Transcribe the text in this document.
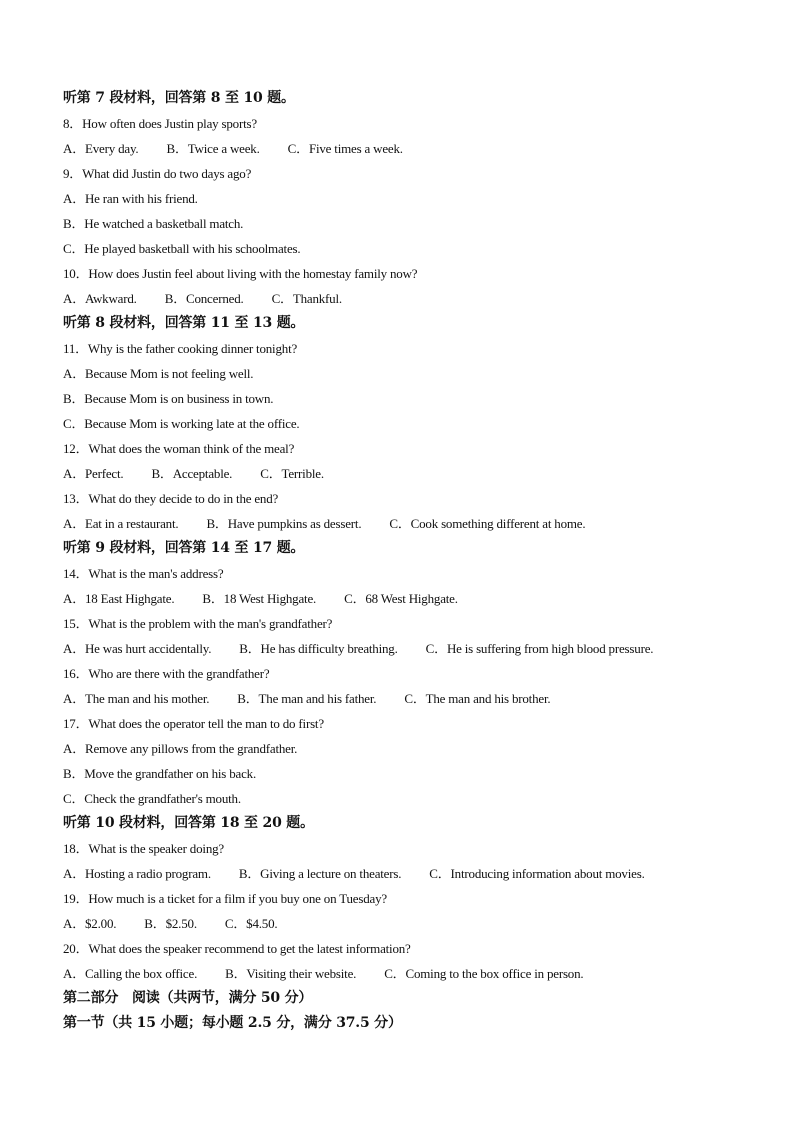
听第 7 段材料，回答第 8 至 10 题。
8．How often does Justin play sports?
A．Every day. B．Twice a week. C．Five times a week.
9．What did Justin do two days ago?
A．He ran with his friend.
B．He watched a basketball match.
C．He played basketball with his schoolmates.
10．How does Justin feel about living with the homestay family now?
A．Awkward. B．Concerned. C．Thankful.
听第 8 段材料，回答第 11 至 13 题。
11．Why is the father cooking dinner tonight?
A．Because Mom is not feeling well.
B．Because Mom is on business in town.
C．Because Mom is working late at the office.
12．What does the woman think of the meal?
A．Perfect. B．Acceptable. C．Terrible.
13．What do they decide to do in the end?
A．Eat in a restaurant. B．Have pumpkins as dessert. C．Cook something different at home.
听第 9 段材料，回答第 14 至 17 题。
14．What is the man's address?
A．18 East Highgate. B．18 West Highgate. C．68 West Highgate.
15．What is the problem with the man's grandfather?
A．He was hurt accidentally. B．He has difficulty breathing. C．He is suffering from high blood pressure.
16．Who are there with the grandfather?
A．The man and his mother. B．The man and his father. C．The man and his brother.
17．What does the operator tell the man to do first?
A．Remove any pillows from the grandfather.
B．Move the grandfather on his back.
C．Check the grandfather's mouth.
听第 10 段材料，回答第 18 至 20 题。
18．What is the speaker doing?
A．Hosting a radio program. B．Giving a lecture on theaters. C．Introducing information about movies.
19．How much is a ticket for a film if you buy one on Tuesday?
A．$2.00. B．$2.50. C．$4.50.
20．What does the speaker recommend to get the latest information?
A．Calling the box office. B．Visiting their website. C．Coming to the box office in person.
第二部分　阅读（共两节，满分 50 分）
第一节（共 15 小题；每小题 2.5 分，满分 37.5 分）
